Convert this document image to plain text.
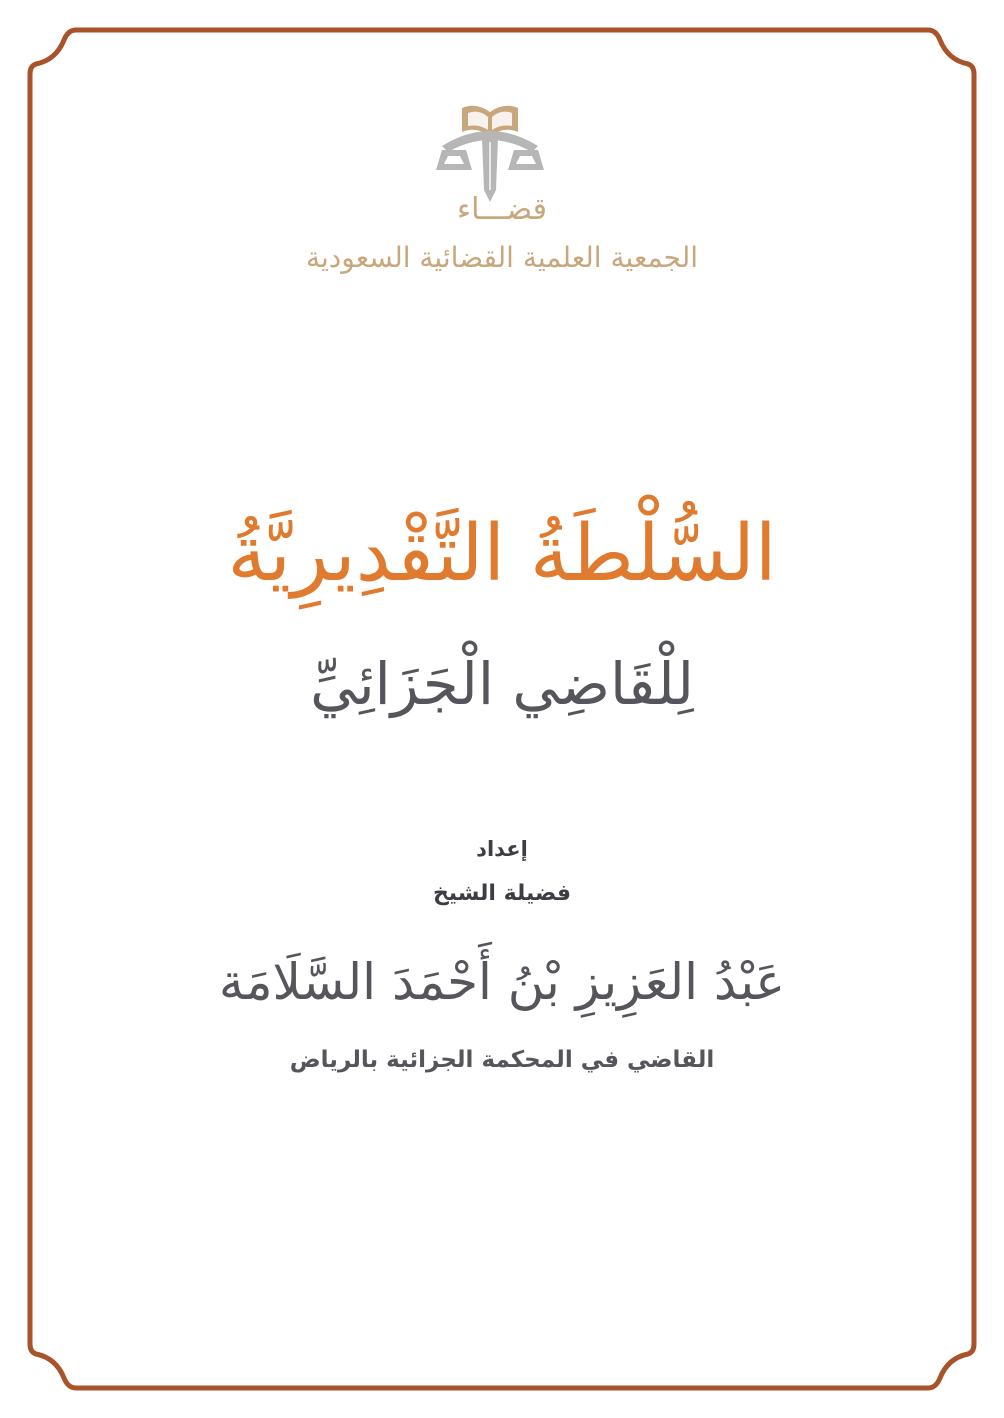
قضـــاء
الجمعية العلمية القضائية السعودية
السُّلْطَةُ التَّقْدِيرِيَّةُ
لِلْقَاضِي الْجَزَائِيِّ
إعداد
فضيلة الشيخ
عَبْدُ العَزِيزِ بْنُ أَحْمَدَ السَّلَامَة
القاضي في المحكمة الجزائية بالرياض
